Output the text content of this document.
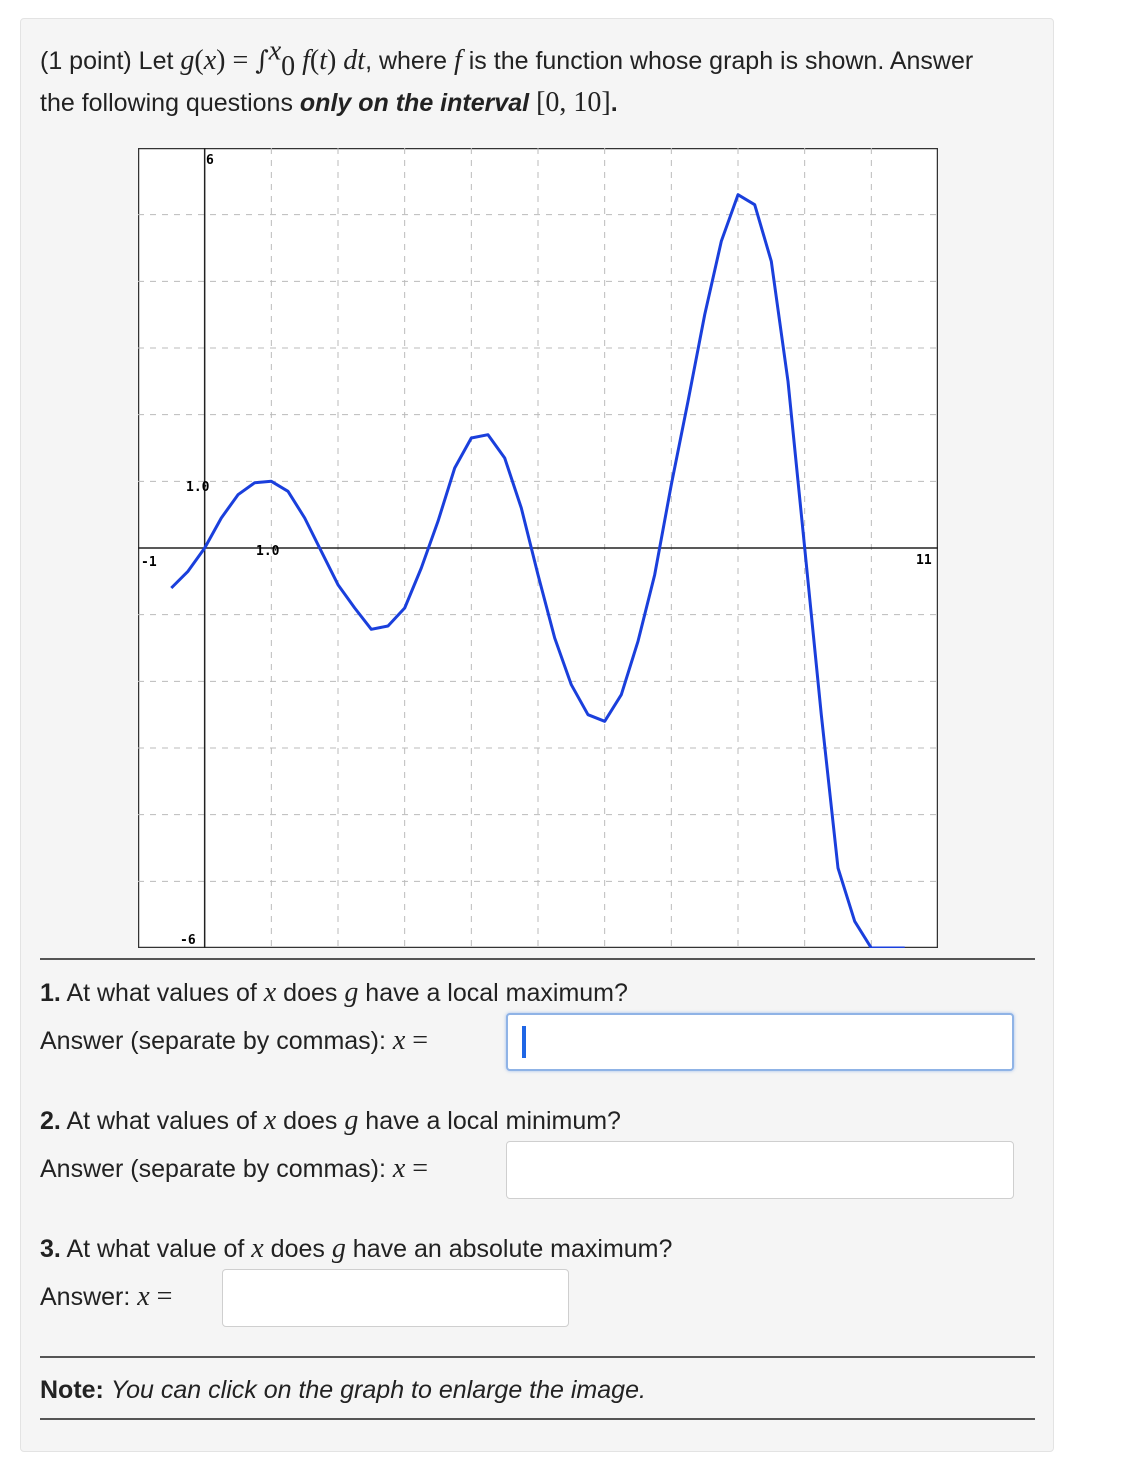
(1 point) Let g(x) = ∫$^x_0$ f(t) dt, where f is the function whose graph is shown. Answer the following questions only on the interval [0, 10].
-1	11
6
-6
1.0
1.0
1. At what values of x does g have a local maximum?
Answer (separate by commas): x =
2. At what values of x does g have a local minimum?
Answer (separate by commas): x =
3. At what value of x does g have an absolute maximum?
Answer: x =
Note: You can click on the graph to enlarge the image.
